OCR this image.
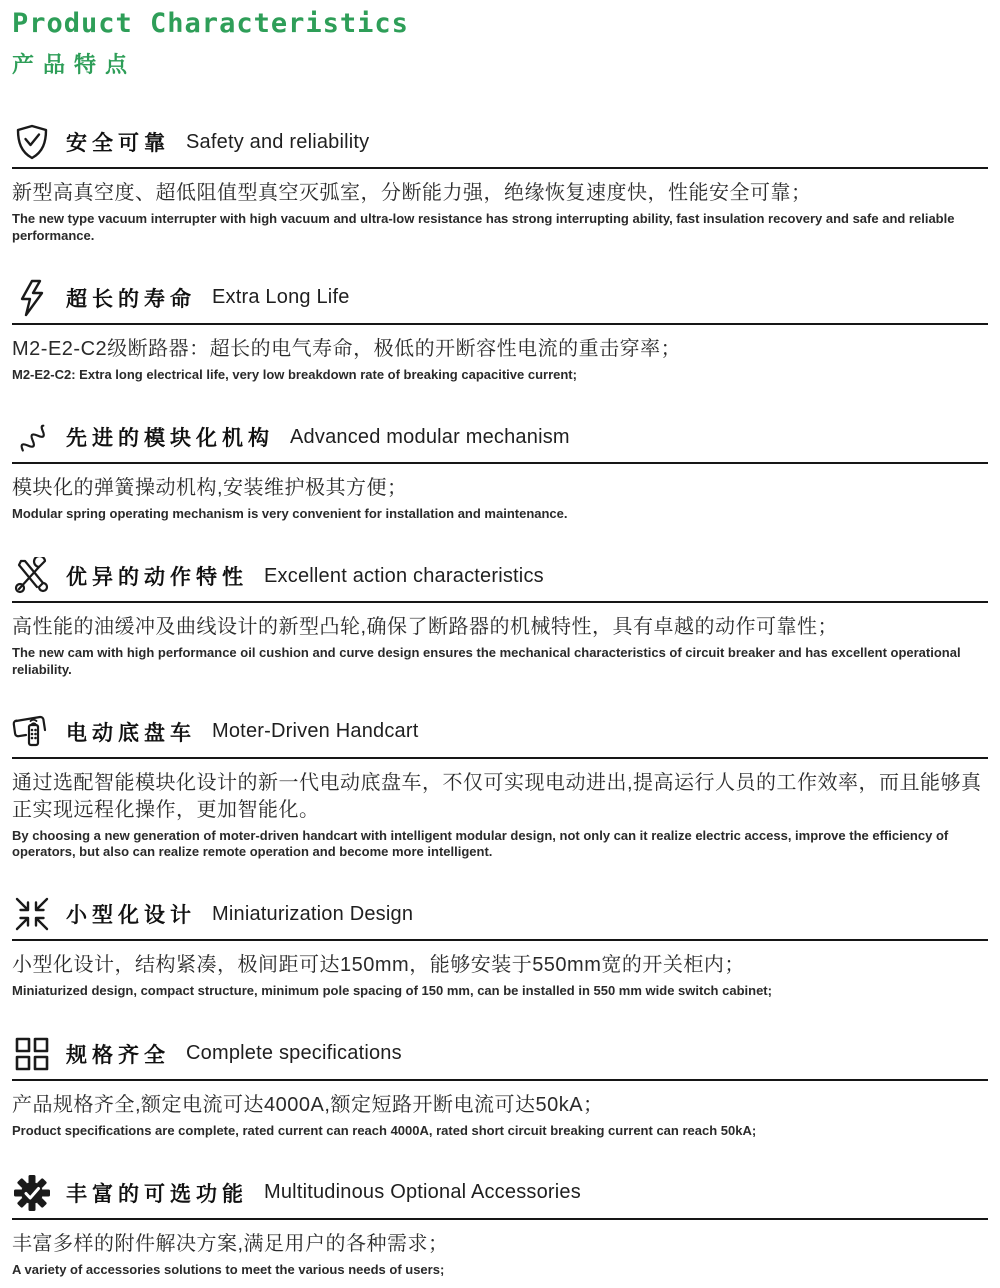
Product Characteristics
产品特点
安全可靠 Safety and reliability
新型高真空度、超低阻值型真空灭弧室，分断能力强，绝缘恢复速度快，性能安全可靠；
The new type vacuum interrupter with high vacuum and ultra-low resistance has strong interrupting ability, fast insulation recovery and safe and reliable performance.
超长的寿命 Extra Long Life
M2-E2-C2级断路器：超长的电气寿命，极低的开断容性电流的重击穿率；
M2-E2-C2: Extra long electrical life, very low breakdown rate of breaking capacitive current;
先进的模块化机构 Advanced modular mechanism
模块化的弹簧操动机构,安装维护极其方便；
Modular spring operating mechanism is very convenient for installation and maintenance.
优异的动作特性 Excellent action characteristics
高性能的油缓冲及曲线设计的新型凸轮,确保了断路器的机械特性，具有卓越的动作可靠性；
The new cam with high performance oil cushion and curve design ensures the mechanical characteristics of circuit breaker and has excellent operational reliability.
电动底盘车 Moter-Driven Handcart
通过选配智能模块化设计的新一代电动底盘车，不仅可实现电动进出,提高运行人员的工作效率，而且能够真正实现远程化操作，更加智能化。
By choosing a new generation of moter-driven handcart with intelligent modular design, not only can it realize electric access, improve the efficiency of operators, but also can realize remote operation and become more intelligent.
小型化设计 Miniaturization Design
小型化设计，结构紧凑，极间距可达150mm，能够安装于550mm宽的开关柜内；
Miniaturized design, compact structure, minimum pole spacing of 150 mm, can be installed in 550 mm wide switch cabinet;
规格齐全 Complete specifications
产品规格齐全,额定电流可达4000A,额定短路开断电流可达50kA；
Product specifications are complete, rated current can reach 4000A, rated short circuit breaking current can reach 50kA;
丰富的可选功能 Multitudinous Optional Accessories
丰富多样的附件解决方案,满足用户的各种需求；
A variety of accessories solutions to meet the various needs of users;
